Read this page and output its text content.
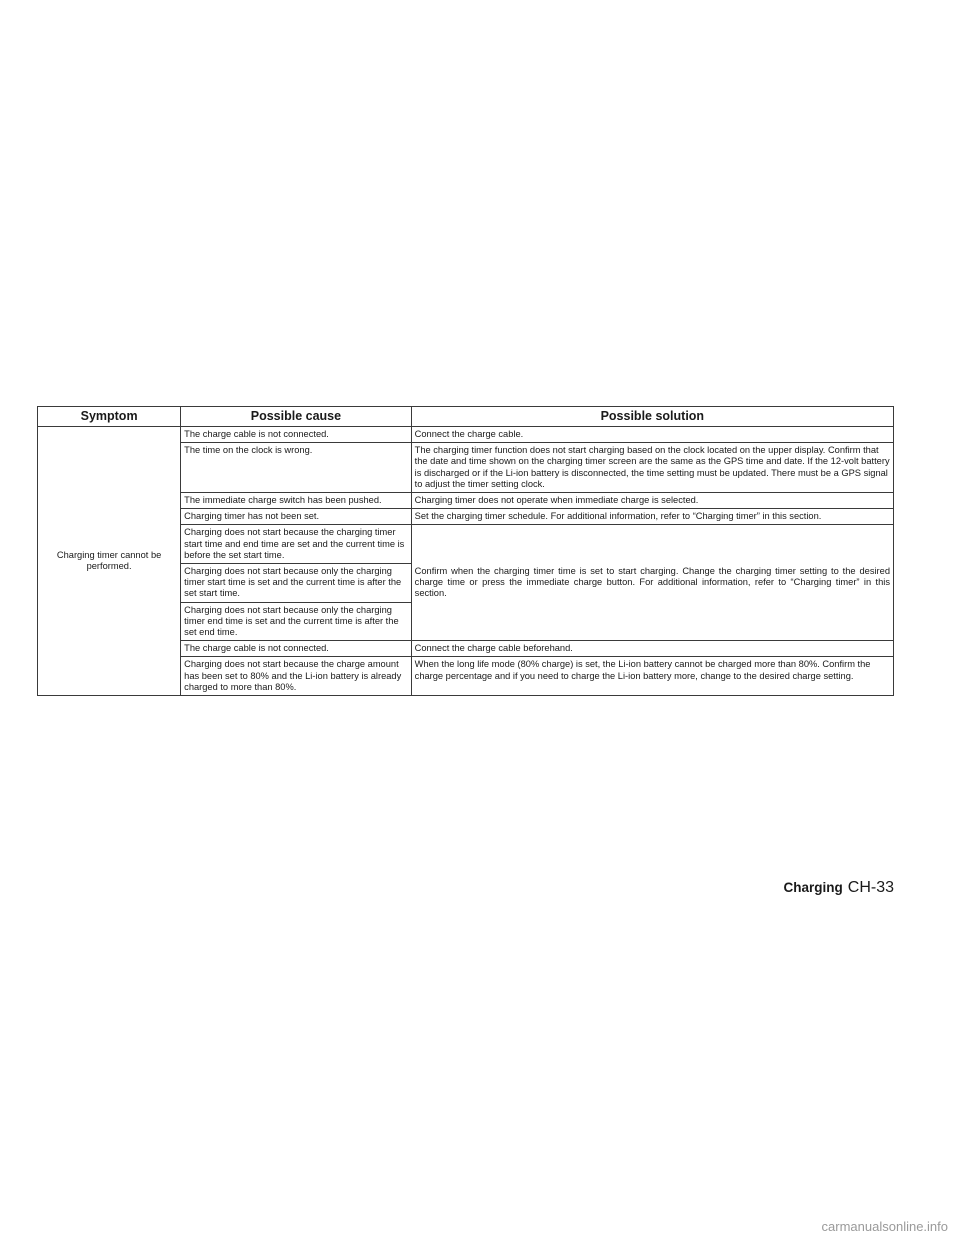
Symptom	Possible cause	Possible solution
Charging timer cannot be performed.	The charge cable is not connected.	Connect the charge cable.
	The time on the clock is wrong.	The charging timer function does not start charging based on the clock located on the upper display. Confirm that the date and time shown on the charging timer screen are the same as the GPS time and date. If the 12-volt battery is discharged or if the Li-ion battery is disconnected, the time setting must be updated. There must be a GPS signal to adjust the timer setting clock.
	The immediate charge switch has been pushed.	Charging timer does not operate when immediate charge is selected.
	Charging timer has not been set.	Set the charging timer schedule. For additional information, refer to “Charging timer” in this section.
	Charging does not start because the charging timer start time and end time are set and the current time is before the set start time.	Confirm when the charging timer time is set to start charging. Change the charging timer setting to the desired charge time or press the immediate charge button. For additional information, refer to “Charging timer” in this section.
	Charging does not start because only the charging timer start time is set and the current time is after the set start time.	
	Charging does not start because only the charging timer end time is set and the current time is after the set end time.	
	The charge cable is not connected.	Connect the charge cable beforehand.
	Charging does not start because the charge amount has been set to 80% and the Li-ion battery is already charged to more than 80%.	When the long life mode (80% charge) is set, the Li-ion battery cannot be charged more than 80%. Confirm the charge percentage and if you need to charge the Li-ion battery more, change to the desired charge setting.
Charging CH-33
carmanualsonline.info
